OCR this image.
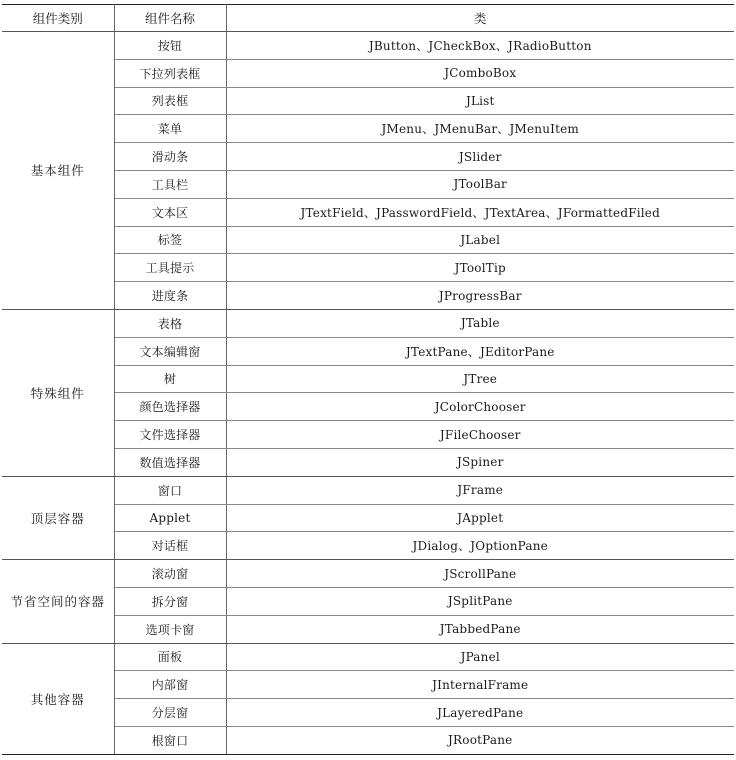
组件类别	组件名称	类
基本组件	按钮	JButton、JCheckBox、JRadioButton
	下拉列表框	JComboBox
	列表框	JList
	菜单	JMenu、JMenuBar、JMenuItem
	滑动条	JSlider
	工具栏	JToolBar
	文本区	JTextField、JPasswordField、JTextArea、JFormattedFiled
	标签	JLabel
	工具提示	JToolTip
	进度条	JProgressBar
特殊组件	表格	JTable
	文本编辑窗	JTextPane、JEditorPane
	树	JTree
	颜色选择器	JColorChooser
	文件选择器	JFileChooser
	数值选择器	JSpiner
顶层容器	窗口	JFrame
	Applet	JApplet
	对话框	JDialog、JOptionPane
节省空间的容器	滚动窗	JScrollPane
	拆分窗	JSplitPane
	选项卡窗	JTabbedPane
其他容器	面板	JPanel
	内部窗	JInternalFrame
	分层窗	JLayeredPane
	根窗口	JRootPane
